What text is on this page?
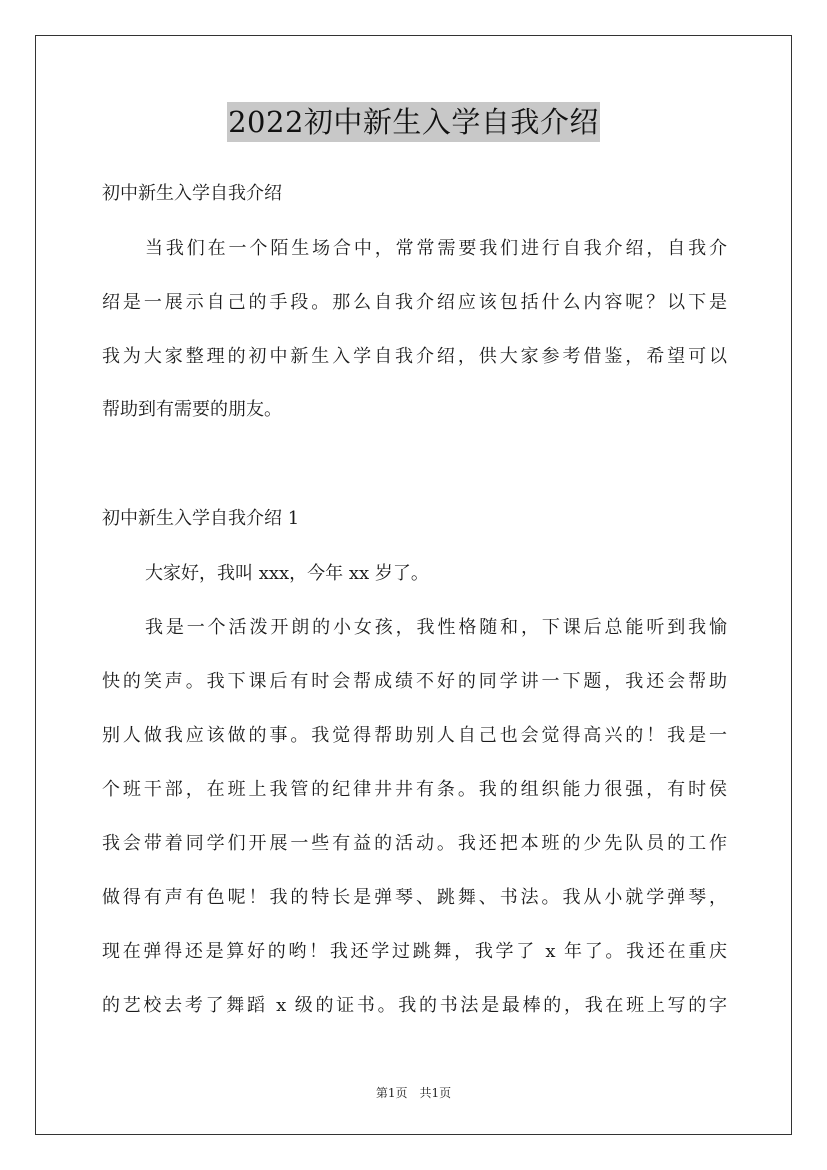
2022初中新生入学自我介绍
初中新生入学自我介绍
当我们在一个陌生场合中，常常需要我们进行自我介绍，自我介
绍是一展示自己的手段。那么自我介绍应该包括什么内容呢？以下是
我为大家整理的初中新生入学自我介绍，供大家参考借鉴，希望可以
帮助到有需要的朋友。
初中新生入学自我介绍 1
大家好，我叫 xxx，今年 xx 岁了。
我是一个活泼开朗的小女孩，我性格随和，下课后总能听到我愉
快的笑声。我下课后有时会帮成绩不好的同学讲一下题，我还会帮助
别人做我应该做的事。我觉得帮助别人自己也会觉得高兴的！我是一
个班干部，在班上我管的纪律井井有条。我的组织能力很强，有时侯
我会带着同学们开展一些有益的活动。我还把本班的少先队员的工作
做得有声有色呢！我的特长是弹琴、跳舞、书法。我从小就学弹琴，
现在弹得还是算好的哟！我还学过跳舞，我学了 x 年了。我还在重庆
的艺校去考了舞蹈 x 级的证书。我的书法是最棒的，我在班上写的字
第1页 共1页
